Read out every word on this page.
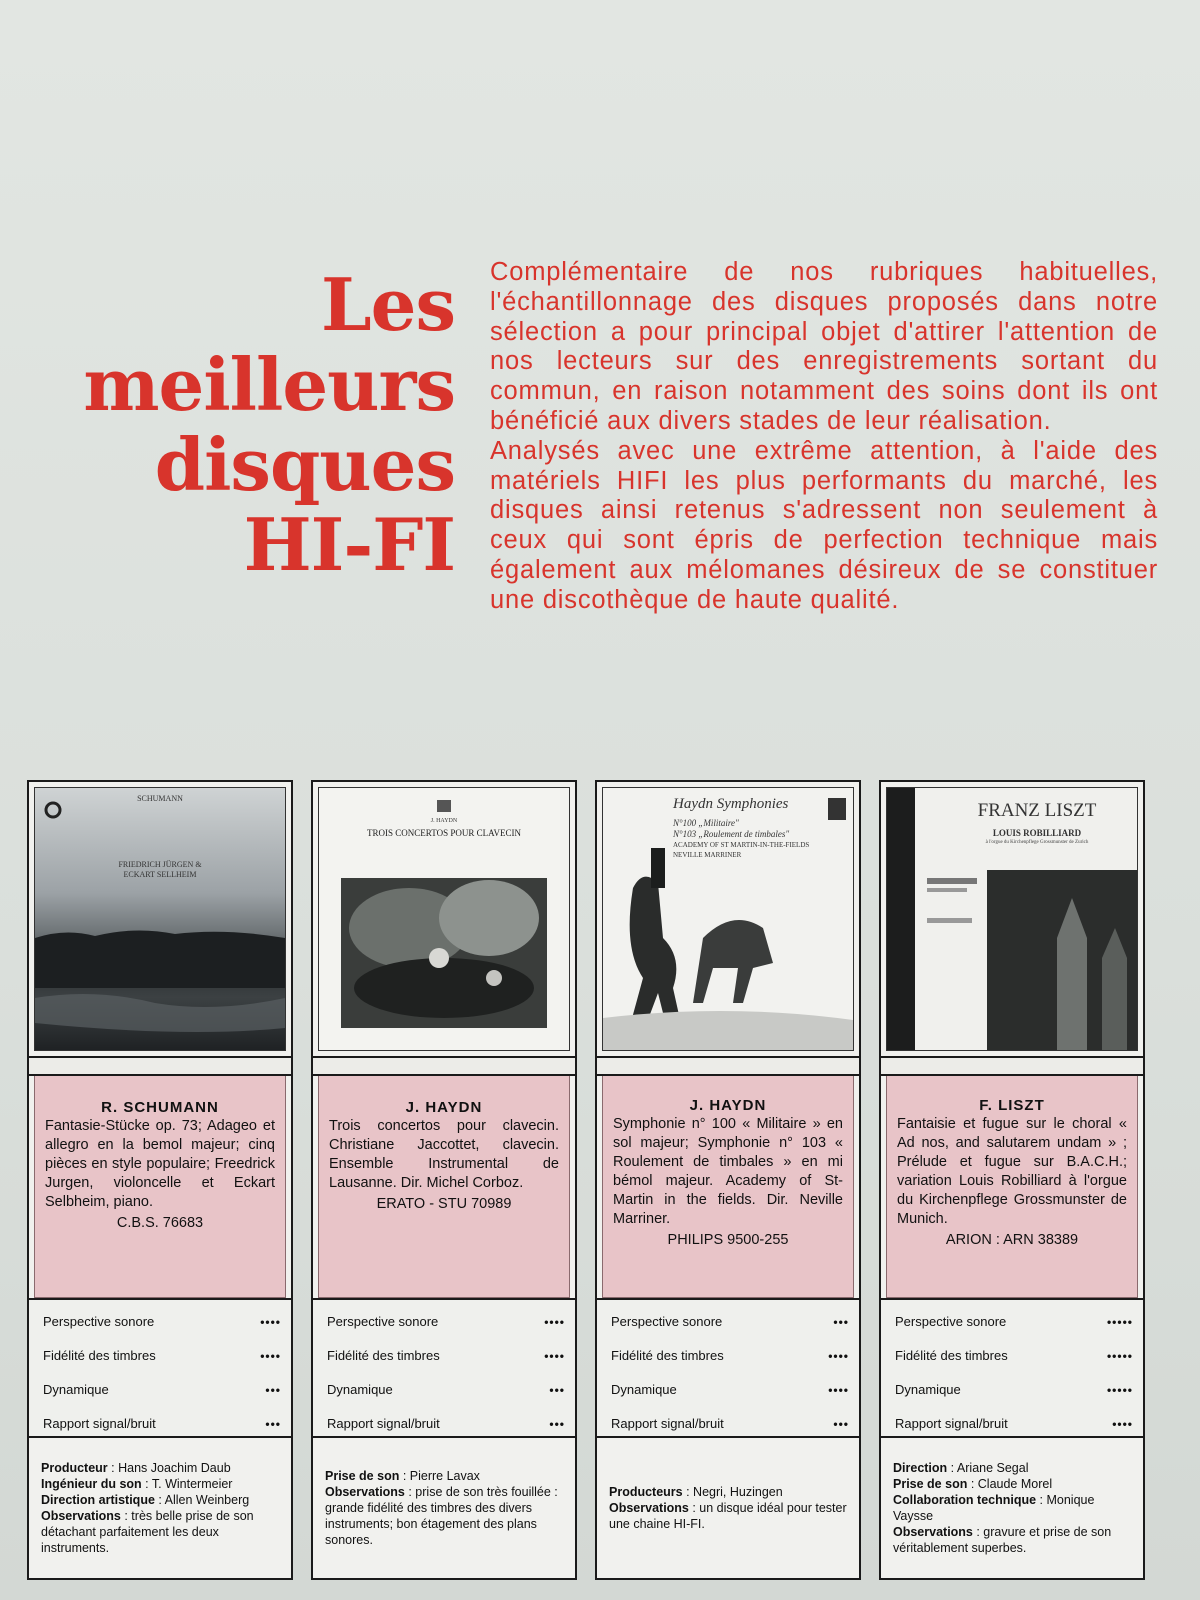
Les
meilleurs
disques
HI-FI

Complémentaire de nos rubriques habituelles, l'échantillonnage des disques proposés dans notre sélection a pour principal objet d'attirer l'attention de nos lecteurs sur des enregistrements sortant du commun, en raison notamment des soins dont ils ont bénéficié aux divers stades de leur réalisation.

Analysés avec une extrême attention, à l'aide des matériels HIFI les plus performants du marché, les disques ainsi retenus s'adressent non seulement à ceux qui sont épris de perfection technique mais également aux mélomanes désireux de se constituer une discothèque de haute qualité.

SCHUMANN
FRIEDRICH JÜRGEN &
ECKART SELLHEIM
R. SCHUMANN
Fantasie-Stücke op. 73; Adageo et allegro en la bemol majeur; cinq pièces en style populaire; Freedrick Jurgen, violoncelle et Eckart Selbheim, piano.
C.B.S. 76683
Perspective sonore	••••
Fidélité des timbres	••••
Dynamique	•••
Rapport signal/bruit	•••
Producteur : Hans Joachim Daub
Ingénieur du son : T. Wintermeier
Direction artistique : Allen Weinberg
Observations : très belle prise de son détachant parfaitement les deux instruments.
J. HAYDN
TROIS CONCERTOS POUR CLAVECIN
J. HAYDN
Trois concertos pour clavecin. Christiane Jaccottet, clavecin. Ensemble Instrumental de Lausanne. Dir. Michel Corboz.
ERATO - STU 70989
Perspective sonore	••••
Fidélité des timbres	••••
Dynamique	•••
Rapport signal/bruit	•••
Prise de son : Pierre Lavax
Observations : prise de son très fouillée : grande fidélité des timbres des divers instruments; bon étagement des plans sonores.
Haydn Symphonies
N°100 „Militaire"
N°103 „Roulement de timbales"
ACADEMY OF ST MARTIN-IN-THE-FIELDS
NEVILLE MARRINER
J. HAYDN
Symphonie n° 100 « Militaire » en sol majeur; Symphonie n° 103 « Roulement de timbales » en mi bémol majeur. Academy of St-Martin in the fields. Dir. Neville Marriner.
PHILIPS 9500-255
Perspective sonore	•••
Fidélité des timbres	••••
Dynamique	••••
Rapport signal/bruit	•••
Producteurs : Negri, Huzingen
Observations : un disque idéal pour tester une chaine HI-FI.
FRANZ LISZT
LOUIS ROBILLIARD
à l'orgue du Kirchenpflege Grossmunster de Zurich
F. LISZT
Fantaisie et fugue sur le choral « Ad nos, and salutarem undam » ; Prélude et fugue sur B.A.C.H.; variation Louis Robilliard à l'orgue du Kirchenpflege Grossmunster de Munich.
ARION : ARN 38389
Perspective sonore	•••••
Fidélité des timbres	•••••
Dynamique	•••••
Rapport signal/bruit	••••
Direction : Ariane Segal
Prise de son : Claude Morel
Collaboration technique : Monique Vaysse
Observations : gravure et prise de son véritablement superbes.
